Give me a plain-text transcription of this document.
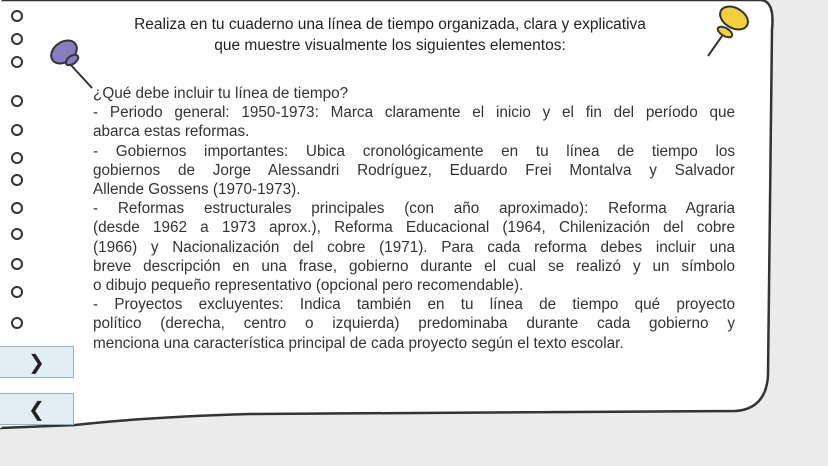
Realiza en tu cuaderno una línea de tiempo organizada, clara y explicativa
que muestre visualmente los siguientes elementos:
¿Qué debe incluir tu línea de tiempo?
- Periodo general: 1950-1973: Marca claramente el inicio y el fin del período que
abarca estas reformas.
- Gobiernos importantes: Ubica cronológicamente en tu línea de tiempo los
gobiernos de Jorge Alessandri Rodríguez, Eduardo Frei Montalva y Salvador
Allende Gossens (1970-1973).
- Reformas estructurales principales (con año aproximado): Reforma Agraria
(desde 1962 a 1973 aprox.), Reforma Educacional (1964, Chilenización del cobre
(1966) y Nacionalización del cobre (1971). Para cada reforma debes incluir una
breve descripción en una frase, gobierno durante el cual se realizó y un símbolo
o dibujo pequeño representativo (opcional pero recomendable).
- Proyectos excluyentes: Indica también en tu línea de tiempo qué proyecto
político (derecha, centro o izquierda) predominaba durante cada gobierno y
menciona una característica principal de cada proyecto según el texto escolar.
❯
❮
